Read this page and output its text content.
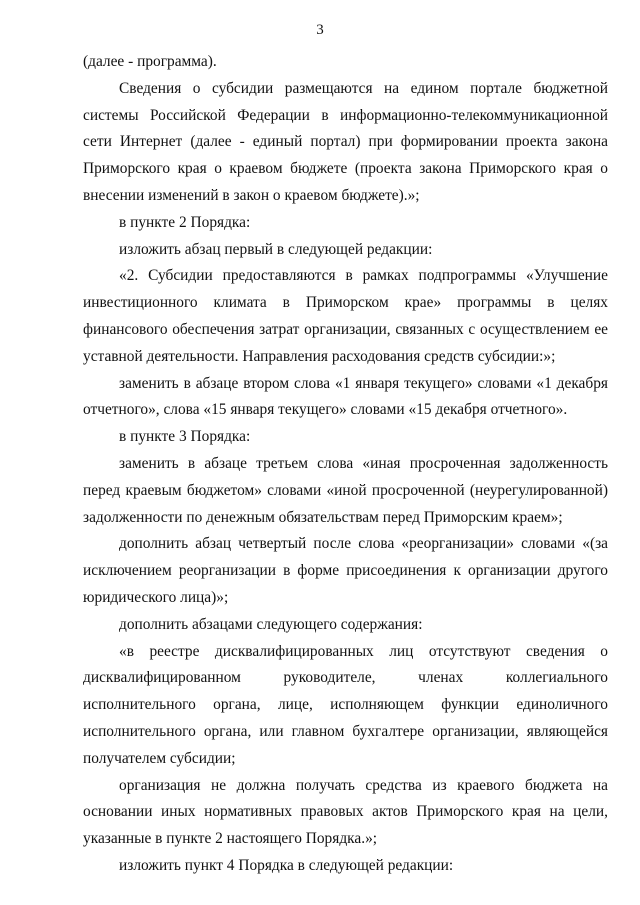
3

(далее - программа).

Сведения о субсидии размещаются на едином портале бюджетной системы Российской Федерации в информационно-телекоммуникационной сети Интернет (далее - единый портал) при формировании проекта закона Приморского края о краевом бюджете (проекта закона Приморского края о внесении изменений в закон о краевом бюджете).»;

в пункте 2 Порядка:

изложить абзац первый в следующей редакции:

«2. Субсидии предоставляются в рамках подпрограммы «Улучшение инвестиционного климата в Приморском крае» программы в целях финансового обеспечения затрат организации, связанных с осуществлением ее уставной деятельности. Направления расходования средств субсидии:»;

заменить в абзаце втором слова «1 января текущего» словами «1 декабря отчетного», слова «15 января текущего» словами «15 декабря отчетного».

в пункте 3 Порядка:

заменить в абзаце третьем слова «иная просроченная задолженность перед краевым бюджетом» словами «иной просроченной (неурегулированной) задолженности по денежным обязательствам перед Приморским краем»;

дополнить абзац четвертый после слова «реорганизации» словами «(за исключением реорганизации в форме присоединения к организации другого юридического лица)»;

дополнить абзацами следующего содержания:

«в реестре дисквалифицированных лиц отсутствуют сведения о дисквалифицированном руководителе, членах коллегиального исполнительного органа, лице, исполняющем функции единоличного исполнительного органа, или главном бухгалтере организации, являющейся получателем субсидии;

организация не должна получать средства из краевого бюджета на основании иных нормативных правовых актов Приморского края на цели, указанные в пункте 2 настоящего Порядка.»;

изложить пункт 4 Порядка в следующей редакции:
